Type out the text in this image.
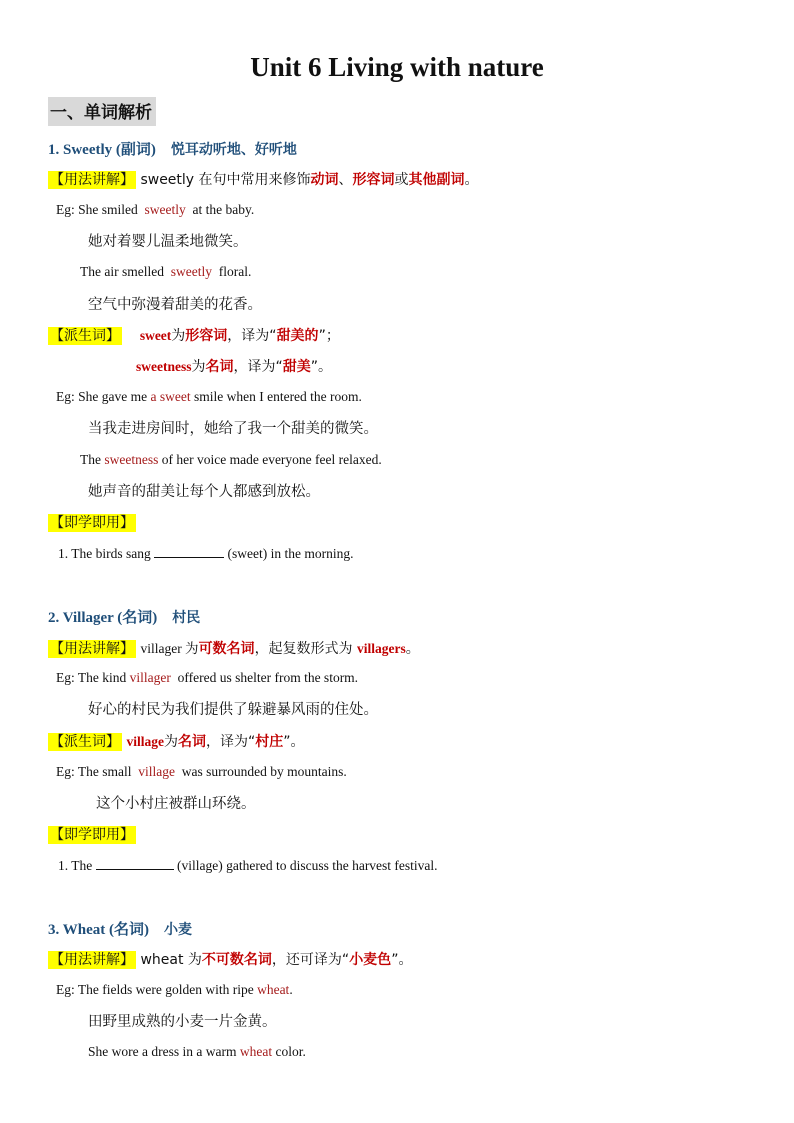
Unit 6 Living with nature
一、单词解析
1. Sweetly (副词) 悦耳动听地、好听地
【用法讲解】 sweetly 在句中常用来修饰动词、形容词或其他副词。
Eg: She smiled sweetly at the baby.
她对着婴儿温柔地微笑。
The air smelled sweetly floral.
空气中弥漫着甜美的花香。
【派生词】 sweet为形容词，译为“甜美的”；
sweetness为名词，译为“甜美”。
Eg: She gave me a sweet smile when I entered the room.
当我走进房间时，她给了我一个甜美的微笑。
The sweetness of her voice made everyone feel relaxed.
她声音的甜美让每个人都感到放松。
【即学即用】
1. The birds sang	(sweet) in the morning.
2. Villager (名词) 村民
【用法讲解】 villager 为可数名词，起复数形式为 villagers。
Eg: The kind villager offered us shelter from the storm.
好心的村民为我们提供了躲避暴风雨的住处。
【派生词】 village为名词，译为“村庄”。
Eg: The small village was surrounded by mountains.
这个小村庄被群山环绕。
【即学即用】
1. The	(village) gathered to discuss the harvest festival.
3. Wheat (名词) 小麦
【用法讲解】 wheat 为不可数名词，还可译为“小麦色”。
Eg: The fields were golden with ripe wheat.
田野里成熟的小麦一片金黄。
She wore a dress in a warm wheat color.
